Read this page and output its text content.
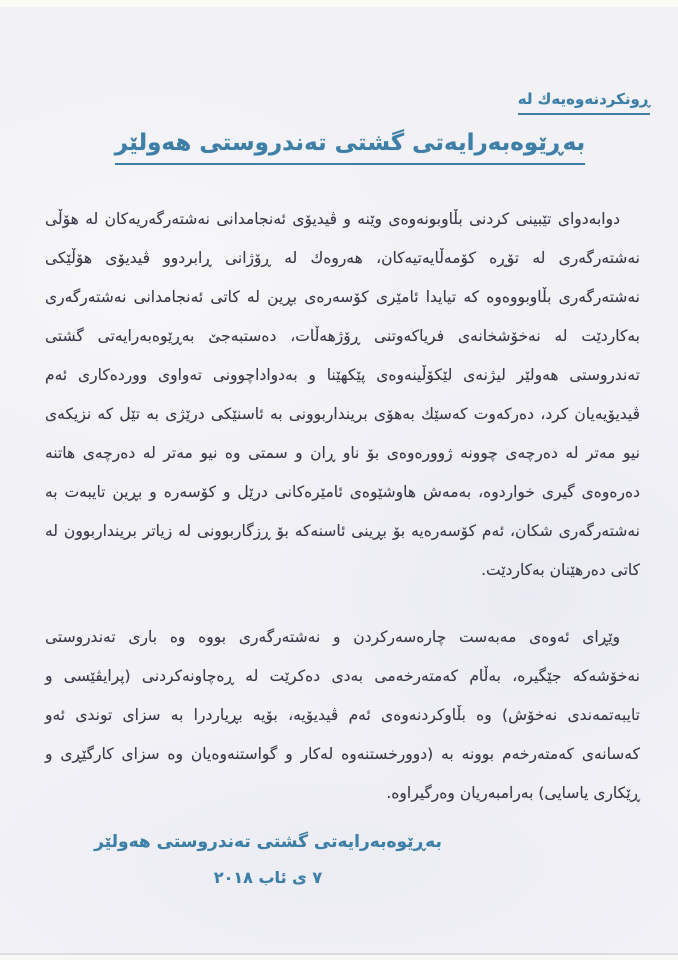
ڕونکردنەوەیەك لە
بەڕێوەبەرایەتی گشتی تەندروستی هەولێر

دوابەدوای تێبینی کردنی بڵاوبونەوەی وێنە و ڤیدیۆی ئەنجامدانی نەشتەرگەریەکان لە هۆڵی نەشتەرگەری لە تۆڕە کۆمەڵایەتیەکان، هەروەك لە ڕۆژانی ڕابردوو ڤیدیۆی هۆڵێکی نەشتەرگەری بڵاوبووەوە کە تیایدا ئامێری کۆسەرەی بڕین لە کاتی ئەنجامدانی نەشتەرگەری بەکاردێت لە نەخۆشخانەی فریاکەوتنی ڕۆژهەڵات، دەستبەجێ بەڕێوەبەرایەتی گشتی تەندروستی هەولێر لیژنەی لێکۆڵینەوەی پێکهێنا و بەدواداچوونی تەواوی ووردەکاری ئەم ڤیدیۆیەیان کرد، دەرکەوت کەسێك بەهۆی برینداربوونی بە ئاسنێکی درێژی بە تێل کە نزیکەی نیو مەتر لە دەرچەی چوونە ژوورەوەی بۆ ناو ڕان و سمتی وە نیو مەتر لە دەرچەی هاتنە دەرەوەی گیری خواردوە، بەمەش هاوشێوەی ئامێرەکانی درێل و کۆسەرە و بڕین تایبەت بە نەشتەرگەری شکان، ئەم کۆسەرەیە بۆ بڕینی ئاسنەکە بۆ ڕزگاربوونی لە زیاتر برینداربوون لە کاتی دەرهێنان بەکاردێت.

وێڕای ئەوەی مەبەست چارەسەرکردن و نەشتەرگەری بووە وە باری تەندروستی نەخۆشەکە جێگیرە، بەڵام کەمتەرخەمی بەدی دەکرێت لە ڕەچاونەکردنی (پرایڤێسی و تایبەتمەندی نەخۆش) وە بڵاوکردنەوەی ئەم ڤیدیۆیە، بۆیە بڕیاردرا بە سزای توندی ئەو کەسانەی کەمتەرخەم بوونە بە (دوورخستنەوە لەکار و گواستنەوەیان وە سزای کارگێڕی و ڕێکاری یاسایی) بەرامبەریان وەرگیراوە.

بەڕێوەبەرایەتی گشتی تەندروستی هەولێر
٧ ی ئاب ٢٠١٨
